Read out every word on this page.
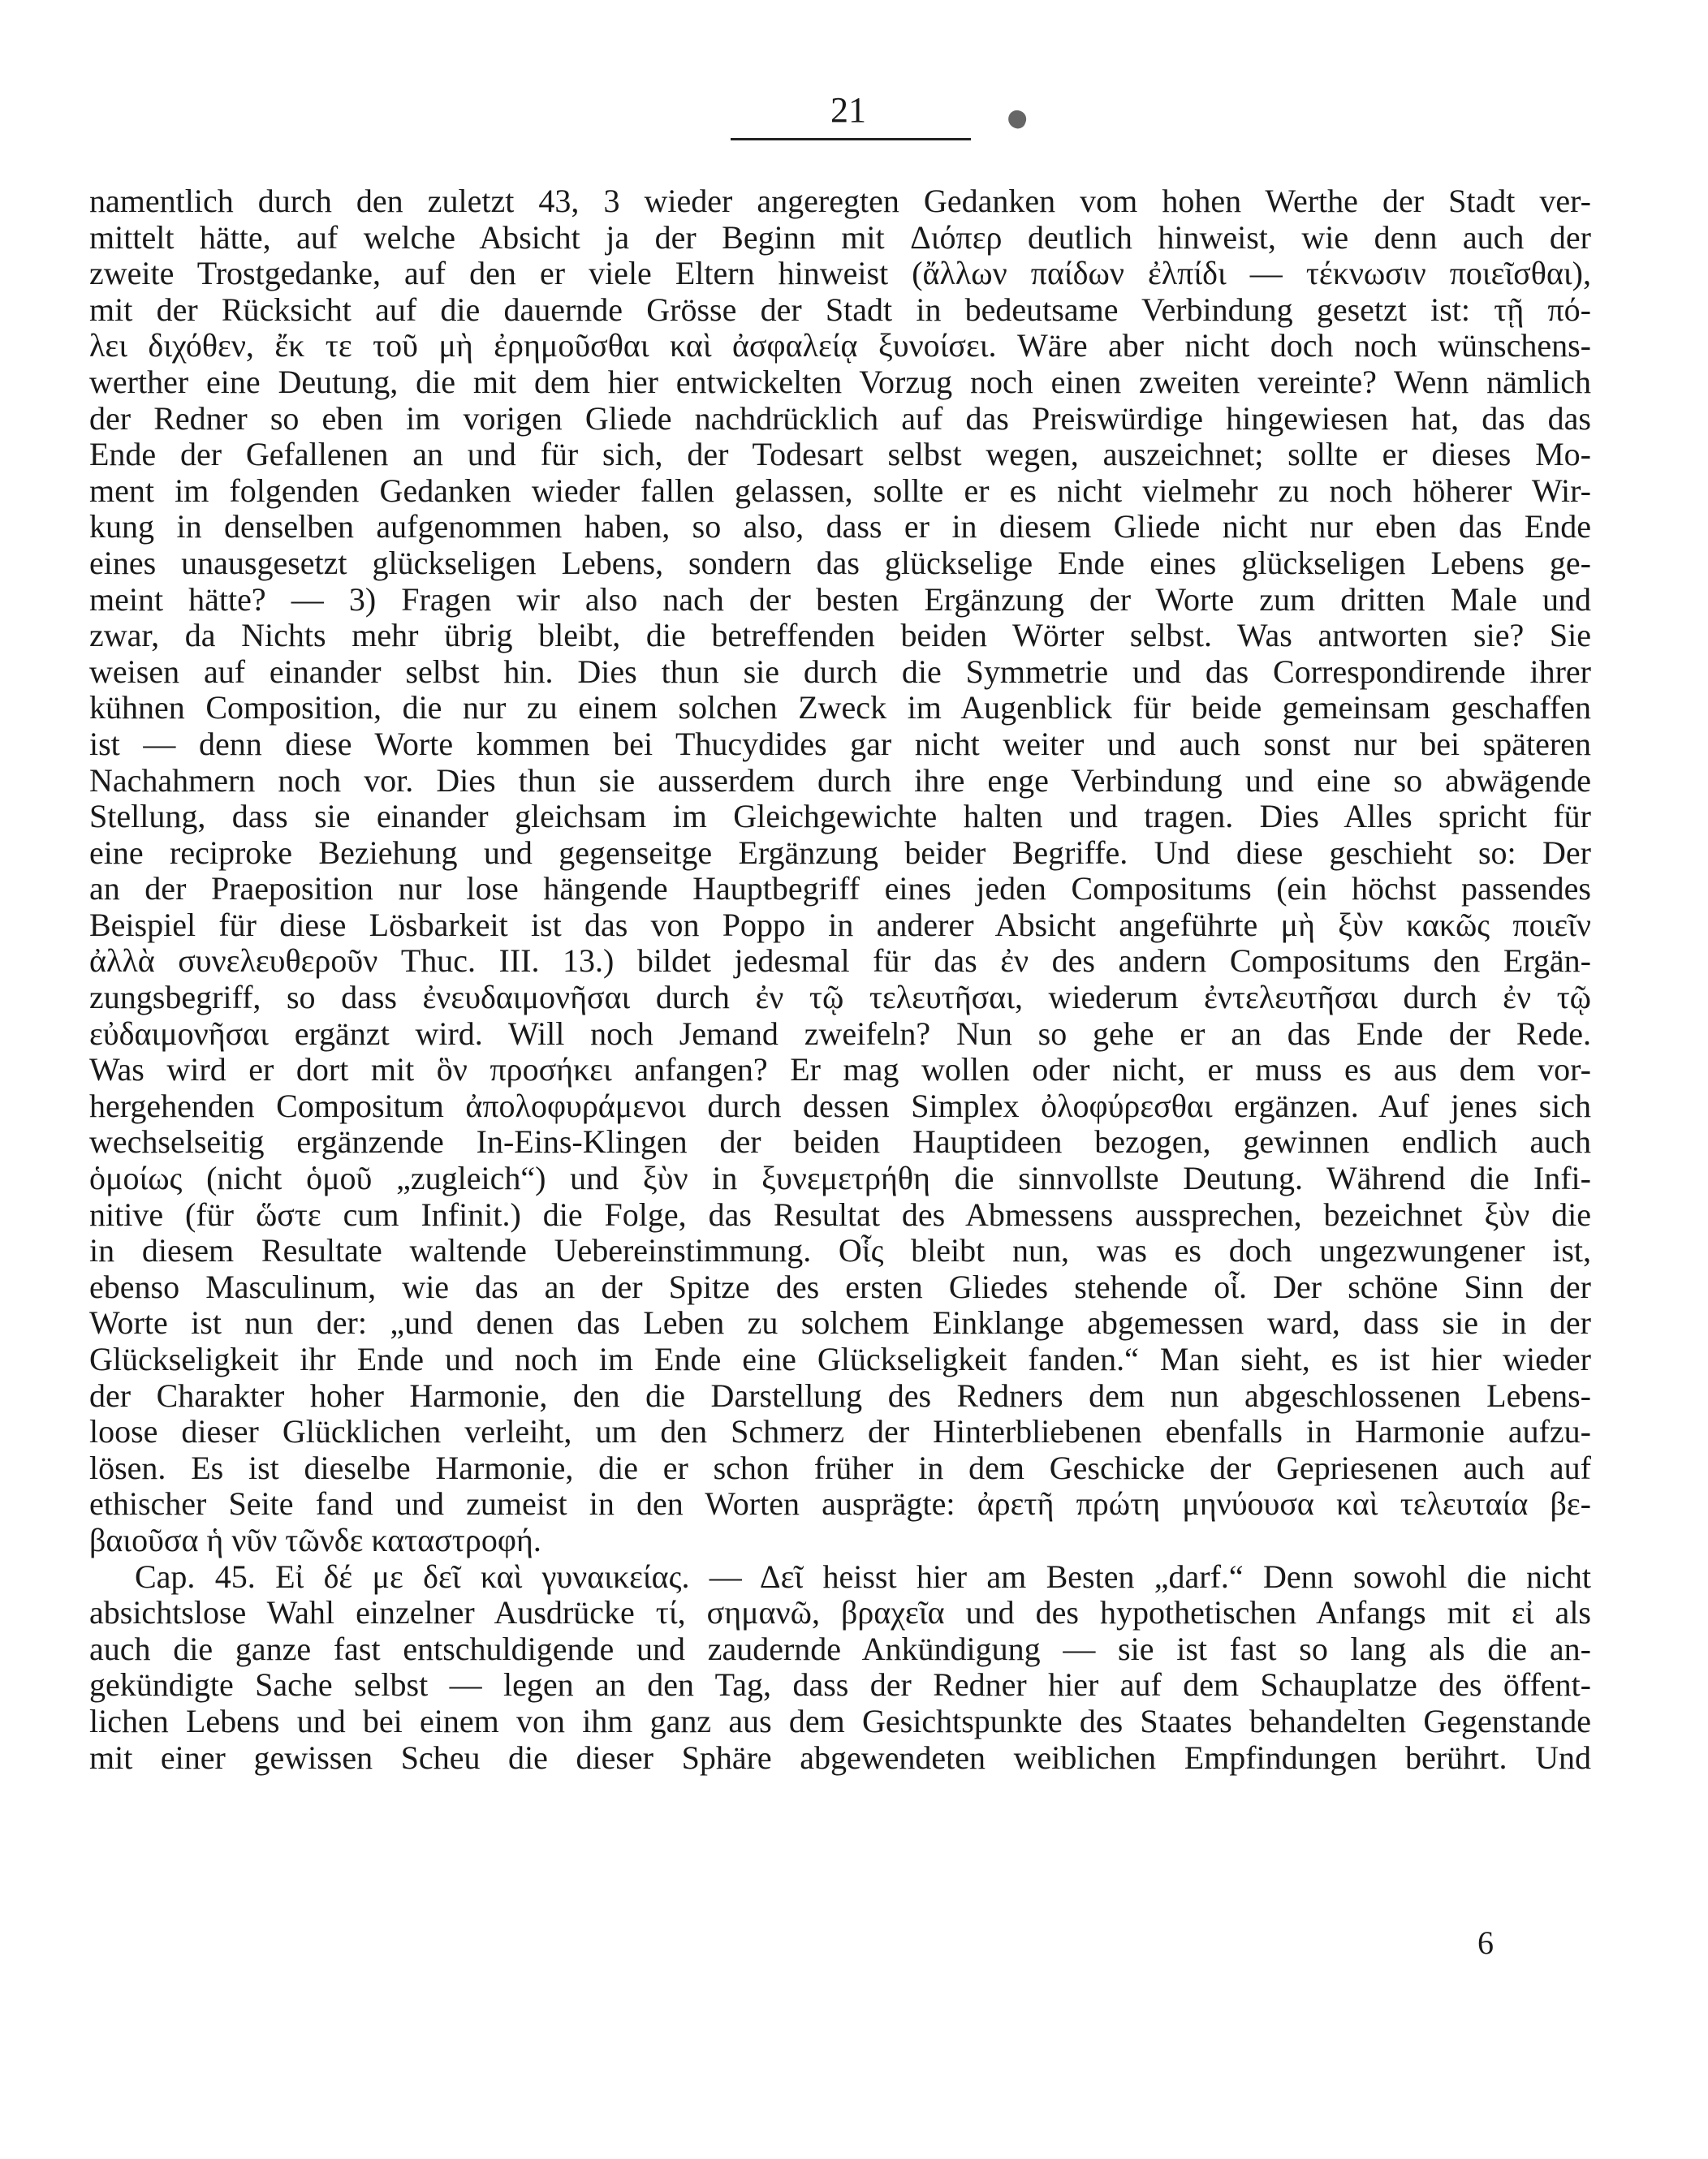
21
namentlich durch den zuletzt 43, 3 wieder angeregten Gedanken vom hohen Werthe der Stadt ver-
mittelt hätte, auf welche Absicht ja der Beginn mit Διόπερ deutlich hinweist, wie denn auch der
zweite Trostgedanke, auf den er viele Eltern hinweist (ἄλλων παίδων ἐλπίδι — τέκνωσιν ποιεῖσθαι),
mit der Rücksicht auf die dauernde Grösse der Stadt in bedeutsame Verbindung gesetzt ist: τῇ πό-
λει διχόθεν, ἔκ τε τοῦ μὴ ἐρημοῦσθαι καὶ ἀσφαλείᾳ ξυνοίσει. Wäre aber nicht doch noch wünschens-
werther eine Deutung, die mit dem hier entwickelten Vorzug noch einen zweiten vereinte? Wenn nämlich
der Redner so eben im vorigen Gliede nachdrücklich auf das Preiswürdige hingewiesen hat, das das
Ende der Gefallenen an und für sich, der Todesart selbst wegen, auszeichnet; sollte er dieses Mo-
ment im folgenden Gedanken wieder fallen gelassen, sollte er es nicht vielmehr zu noch höherer Wir-
kung in denselben aufgenommen haben, so also, dass er in diesem Gliede nicht nur eben das Ende
eines unausgesetzt glückseligen Lebens, sondern das glückselige Ende eines glückseligen Lebens ge-
meint hätte? — 3) Fragen wir also nach der besten Ergänzung der Worte zum dritten Male und
zwar, da Nichts mehr übrig bleibt, die betreffenden beiden Wörter selbst. Was antworten sie? Sie
weisen auf einander selbst hin. Dies thun sie durch die Symmetrie und das Correspondirende ihrer
kühnen Composition, die nur zu einem solchen Zweck im Augenblick für beide gemeinsam geschaffen
ist — denn diese Worte kommen bei Thucydides gar nicht weiter und auch sonst nur bei späteren
Nachahmern noch vor. Dies thun sie ausserdem durch ihre enge Verbindung und eine so abwägende
Stellung, dass sie einander gleichsam im Gleichgewichte halten und tragen. Dies Alles spricht für
eine reciproke Beziehung und gegenseitge Ergänzung beider Begriffe. Und diese geschieht so: Der
an der Praeposition nur lose hängende Hauptbegriff eines jeden Compositums (ein höchst passendes
Beispiel für diese Lösbarkeit ist das von Poppo in anderer Absicht angeführte μὴ ξὺν κακῶς ποιεῖν
ἀλλὰ συνελευθεροῦν Thuc. III. 13.) bildet jedesmal für das ἐν des andern Compositums den Ergän-
zungsbegriff, so dass ἐνευδαιμονῆσαι durch ἐν τῷ τελευτῆσαι, wiederum ἐντελευτῆσαι durch ἐν τῷ
εὐδαιμονῆσαι ergänzt wird. Will noch Jemand zweifeln? Nun so gehe er an das Ende der Rede.
Was wird er dort mit ὃν προσήκει anfangen? Er mag wollen oder nicht, er muss es aus dem vor-
hergehenden Compositum ἀπολοφυράμενοι durch dessen Simplex ὀλοφύρεσθαι ergänzen. Auf jenes sich
wechselseitig ergänzende In-Eins-Klingen der beiden Hauptideen bezogen, gewinnen endlich auch
ὁμοίως (nicht ὁμοῦ „zugleich“) und ξὺν in ξυνεμετρήθη die sinnvollste Deutung. Während die Infi-
nitive (für ὥστε cum Infinit.) die Folge, das Resultat des Abmessens aussprechen, bezeichnet ξὺν die
in diesem Resultate waltende Uebereinstimmung. Οἷς bleibt nun, was es doch ungezwungener ist,
ebenso Masculinum, wie das an der Spitze des ersten Gliedes stehende οἷ. Der schöne Sinn der
Worte ist nun der: „und denen das Leben zu solchem Einklange abgemessen ward, dass sie in der
Glückseligkeit ihr Ende und noch im Ende eine Glückseligkeit fanden.“ Man sieht, es ist hier wieder
der Charakter hoher Harmonie, den die Darstellung des Redners dem nun abgeschlossenen Lebens-
loose dieser Glücklichen verleiht, um den Schmerz der Hinterbliebenen ebenfalls in Harmonie aufzu-
lösen. Es ist dieselbe Harmonie, die er schon früher in dem Geschicke der Gepriesenen auch auf
ethischer Seite fand und zumeist in den Worten ausprägte: ἀρετῆ πρώτη μηνύουσα καὶ τελευταία βε-
βαιοῦσα ἡ νῦν τῶνδε καταστροφή.
Cap. 45. Εἰ δέ με δεῖ καὶ γυναικείας. — Δεῖ heisst hier am Besten „darf.“ Denn sowohl die nicht
absichtslose Wahl einzelner Ausdrücke τί, σημανῶ, βραχεῖα und des hypothetischen Anfangs mit εἰ als
auch die ganze fast entschuldigende und zaudernde Ankündigung — sie ist fast so lang als die an-
gekündigte Sache selbst — legen an den Tag, dass der Redner hier auf dem Schauplatze des öffent-
lichen Lebens und bei einem von ihm ganz aus dem Gesichtspunkte des Staates behandelten Gegenstande
mit einer gewissen Scheu die dieser Sphäre abgewendeten weiblichen Empfindungen berührt. Und
6
